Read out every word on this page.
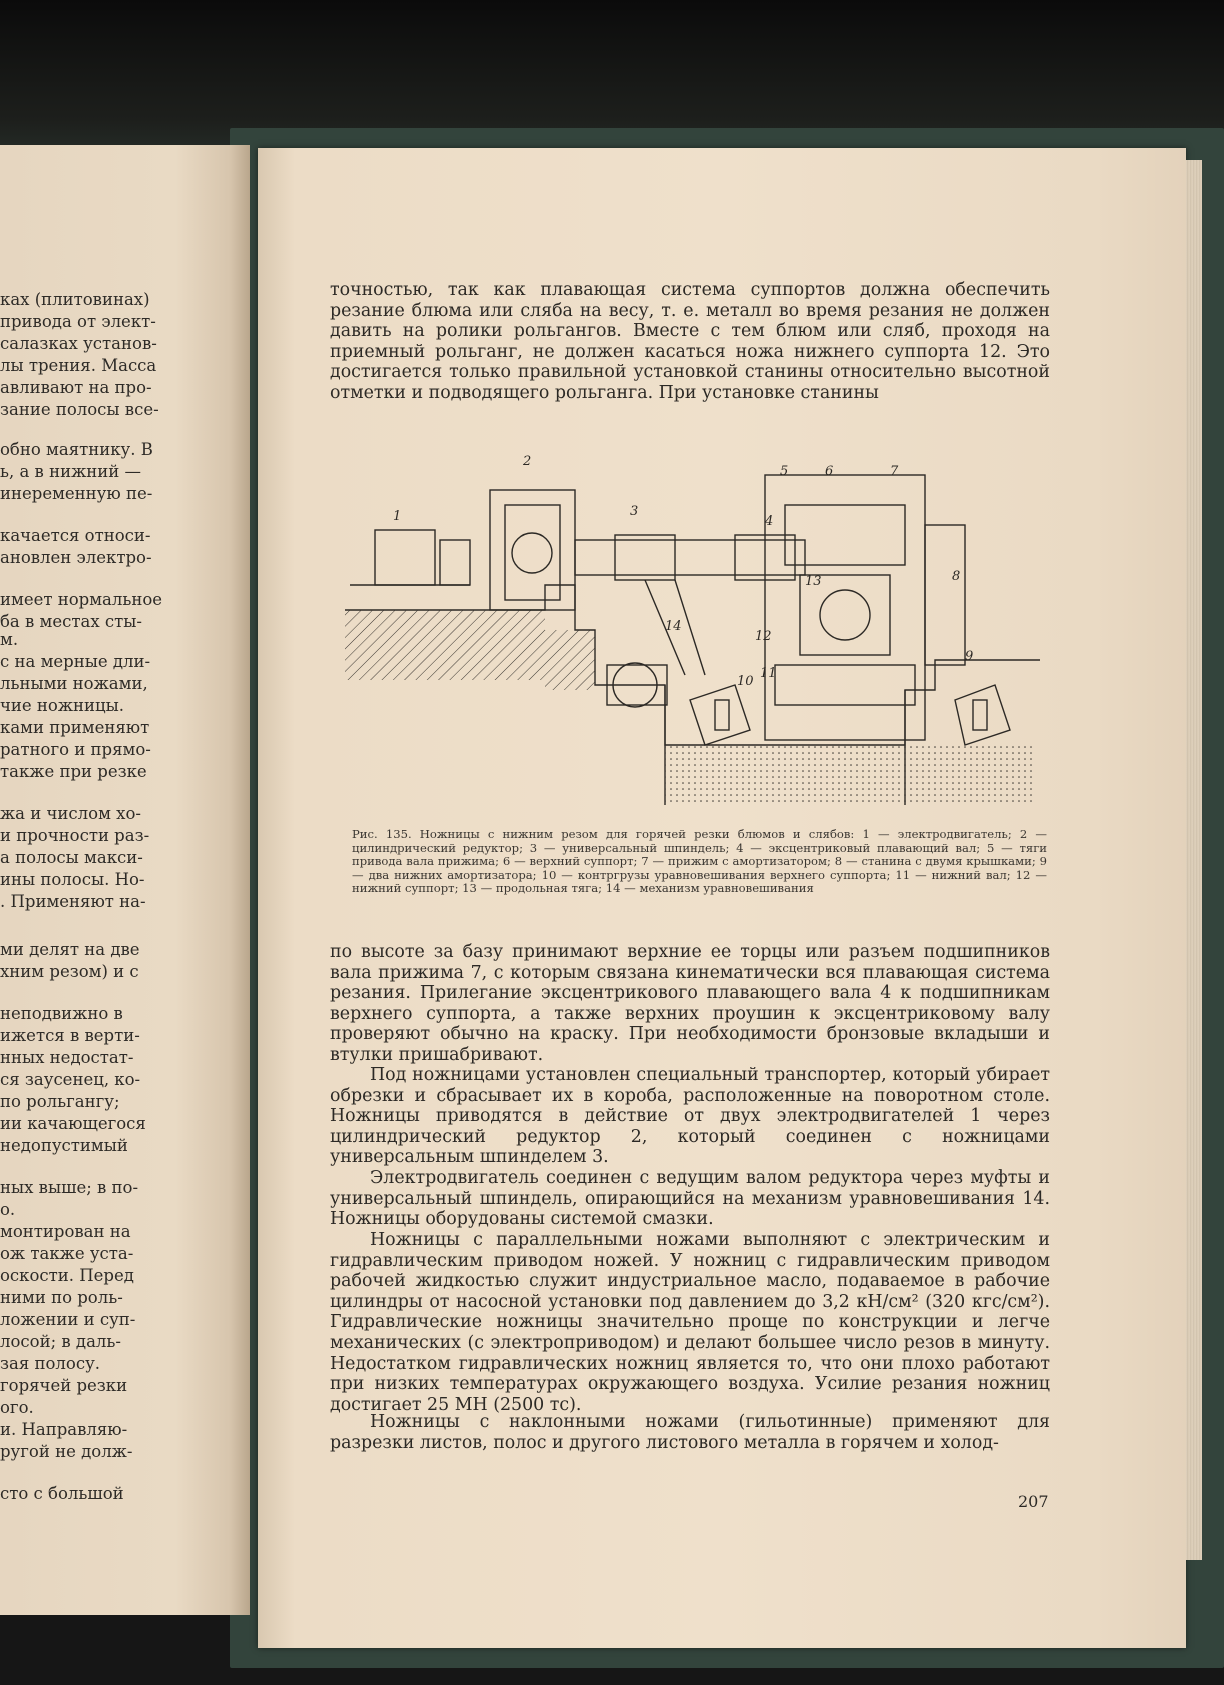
ках (плитовинах)
привода от элект-
салазках установ-
лы трения. Масса
авливают на про-
зание полосы все-
обно маятнику. В
ь, а в нижний —
инеременную пе-
качается относи-
ановлен электро-
имеет нормальное
ба в местах сты-
м.
с на мерные дли-
льными ножами,
чие ножницы.
ками применяют
ратного и прямо-
также при резке
жа и числом хо-
и прочности раз-
а полосы макси-
ины полосы. Но-
. Применяют на-
ми делят на две
хним резом) и с
неподвижно в
ижется в верти-
нных недостат-
ся заусенец, ко-
по рольгангу;
ии качающегося
недопустимый
ных выше; в по-
о.
монтирован на
ож также уста-
оскости. Перед
ними по роль-
ложении и суп-
лосой; в даль-
зая полосу.
горячей резки
ого.
и. Направляю-
ругой не долж-
сто с большой

точностью, так как плавающая система суппортов должна обеспечить резание блюма или сляба на весу, т. е. металл во время резания не должен давить на ролики рольгангов. Вместе с тем блюм или сляб, проходя на приемный рольганг, не должен касаться ножа нижнего суппорта 12. Это достигается только правильной установкой станины относительно высотной отметки и подводящего рольганга. При установке станины

1
2
3
4
5	6	7
8
9
10
11
12
13
14

Рис. 135. Ножницы с нижним резом для горячей резки блюмов и слябов: 1 — электродвигатель; 2 — цилиндрический редуктор; 3 — универсальный шпиндель; 4 — эксцентриковый плавающий вал; 5 — тяги привода вала прижима; 6 — верхний суппорт; 7 — прижим с амортизатором; 8 — станина с двумя крышками; 9 — два нижних амортизатора; 10 — контргрузы уравновешивания верхнего суппорта; 11 — нижний вал; 12 — нижний суппорт; 13 — продольная тяга; 14 — механизм уравновешивания

по высоте за базу принимают верхние ее торцы или разъем подшипников вала прижима 7, с которым связана кинематически вся плавающая система резания. Прилегание эксцентрикового плавающего вала 4 к подшипникам верхнего суппорта, а также верхних проушин к эксцентриковому валу проверяют обычно на краску. При необходимости бронзовые вкладыши и втулки пришабривают.

Под ножницами установлен специальный транспортер, который убирает обрезки и сбрасывает их в короба, расположенные на поворотном столе. Ножницы приводятся в действие от двух электродвигателей 1 через цилиндрический редуктор 2, который соединен с ножницами универсальным шпинделем 3.

Электродвигатель соединен с ведущим валом редуктора через муфты и универсальный шпиндель, опирающийся на механизм уравновешивания 14. Ножницы оборудованы системой смазки.

Ножницы с параллельными ножами выполняют с электрическим и гидравлическим приводом ножей. У ножниц с гидравлическим приводом рабочей жидкостью служит индустриальное масло, подаваемое в рабочие цилиндры от насосной установки под давлением до 3,2 кН/см² (320 кгс/см²). Гидравлические ножницы значительно проще по конструкции и легче механических (с электроприводом) и делают большее число резов в минуту. Недостатком гидравлических ножниц является то, что они плохо работают при низких температурах окружающего воздуха. Усилие резания ножниц достигает 25 МН (2500 тс).

Ножницы с наклонными ножами (гильотинные) применяют для разрезки листов, полос и другого листового металла в горячем и холод-

207
